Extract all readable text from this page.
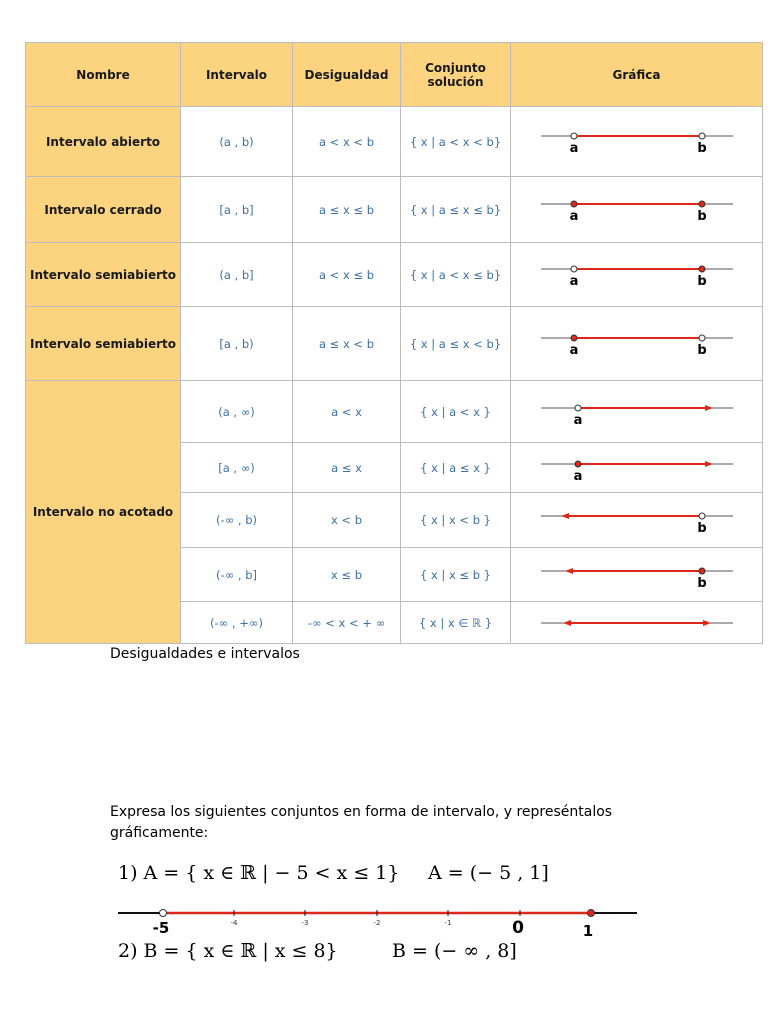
Nombre	Intervalo	Desigualdad	Conjunto solución	Gráfica
Intervalo abierto	(a , b)	a < x < b	{ x | a < x < b}	a b

Intervalo cerrado	[a , b]	a ≤ x ≤ b	{ x | a ≤ x ≤ b}	a b

Intervalo semiabierto	(a , b]	a < x ≤ b	{ x | a < x ≤ b}	a b

Intervalo semiabierto	[a , b)	a ≤ x < b	{ x | a ≤ x < b}	a b

Intervalo no acotado	(a , ∞)	a < x	{ x | a < x }	a

	[a , ∞)	a ≤ x	{ x | a ≤ x }	a

	(-∞ , b)	x < b	{ x | x < b }	b

	(-∞ , b]	x ≤ b	{ x | x ≤ b }	b

	(-∞ , +∞)	-∞ < x < + ∞	{ x | x ∈ ℝ }	
Desigualdades e intervalos
Expresa los siguientes conjuntos en forma de intervalo, y represéntalos gráficamente:
1) A = { x ∈ ℝ | − 5 < x ≤ 1} A = (− 5 , 1]
-5	-4	-3	-2	-1	0	1
2) B = { x ∈ ℝ | x ≤ 8}	B = (− ∞ , 8]
